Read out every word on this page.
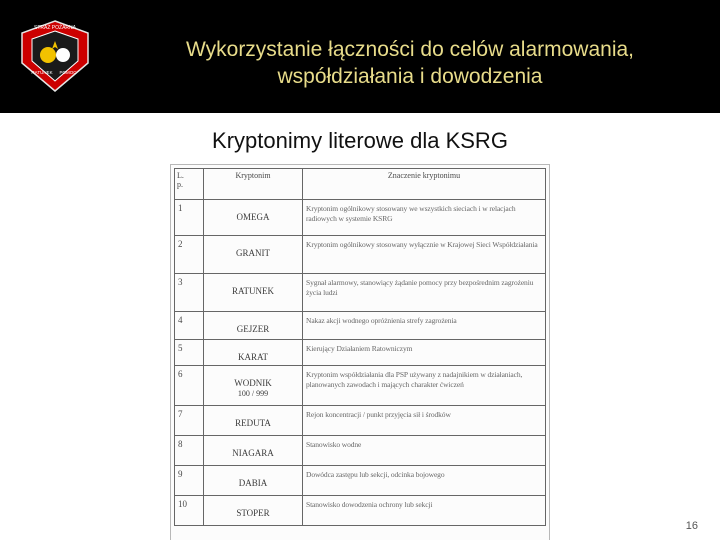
STRAŻ POŻARNA
RATUNEK POMOC
Wykorzystanie łączności do celów alarmowania,
współdziałania i dowodzenia
Kryptonimy literowe dla KSRG
L.
p.	Kryptonim	Znaczenie kryptonimu
1	OMEGA	Kryptonim ogólnikowy stosowany we wszystkich sieciach i w relacjach radiowych w systemie KSRG
2	GRANIT	Kryptonim ogólnikowy stosowany wyłącznie w Krajowej Sieci Współdziałania
3	RATUNEK	Sygnał alarmowy, stanowiący żądanie pomocy przy bezpośrednim zagrożeniu życia ludzi
4	GEJZER	Nakaz akcji wodnego opróżnienia strefy zagrożenia
5	KARAT	Kierujący Działaniem Ratowniczym
6	WODNIK
100 / 999	Kryptonim współdziałania dla PSP używany z nadajnikiem w działaniach, planowanych zawodach i mających charakter ćwiczeń
7	REDUTA	Rejon koncentracji / punkt przyjęcia sił i środków
8	NIAGARA	Stanowisko wodne
9	DABIA	Dowódca zastępu lub sekcji, odcinka bojowego
10	STOPER	Stanowisko dowodzenia ochrony lub sekcji
16
